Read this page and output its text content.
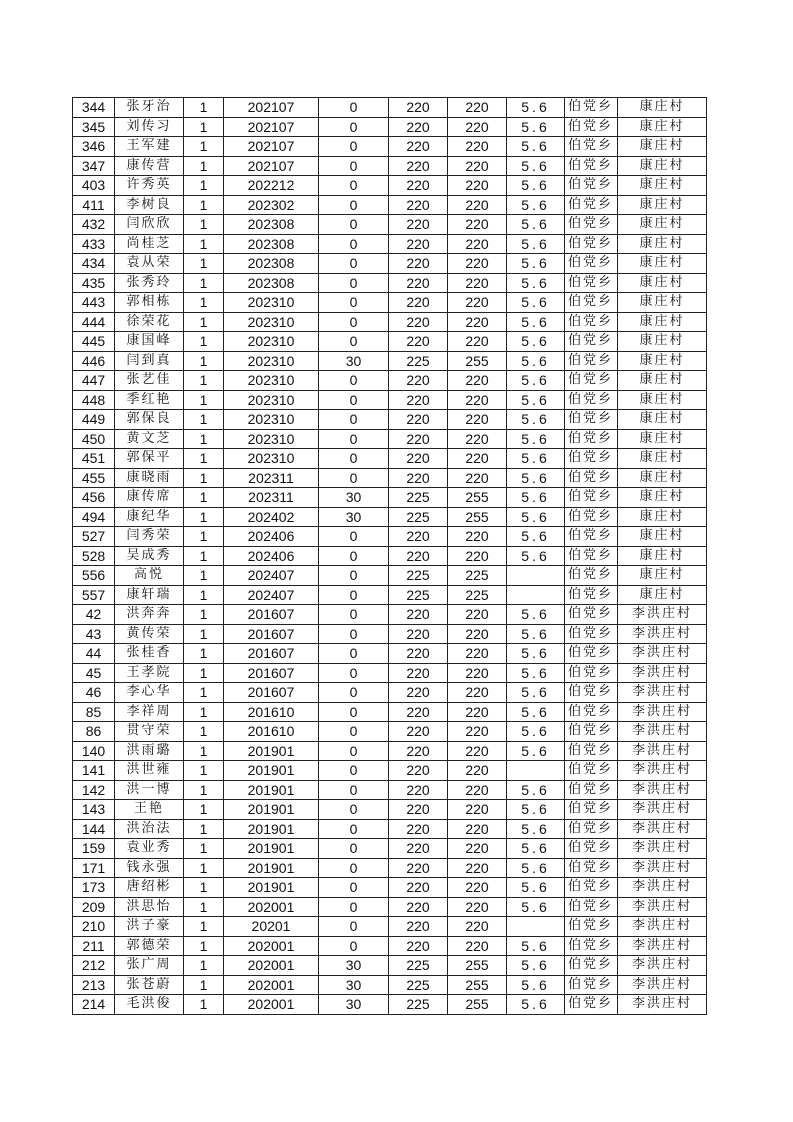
344	张牙治	1	202107	0	220	220	5.6	伯党乡	康庄村
345	刘传习	1	202107	0	220	220	5.6	伯党乡	康庄村
346	王军建	1	202107	0	220	220	5.6	伯党乡	康庄村
347	康传营	1	202107	0	220	220	5.6	伯党乡	康庄村
403	许秀英	1	202212	0	220	220	5.6	伯党乡	康庄村
411	李树良	1	202302	0	220	220	5.6	伯党乡	康庄村
432	闫欣欣	1	202308	0	220	220	5.6	伯党乡	康庄村
433	尚桂芝	1	202308	0	220	220	5.6	伯党乡	康庄村
434	袁从荣	1	202308	0	220	220	5.6	伯党乡	康庄村
435	张秀玲	1	202308	0	220	220	5.6	伯党乡	康庄村
443	郭相栋	1	202310	0	220	220	5.6	伯党乡	康庄村
444	徐荣花	1	202310	0	220	220	5.6	伯党乡	康庄村
445	康国峰	1	202310	0	220	220	5.6	伯党乡	康庄村
446	闫到真	1	202310	30	225	255	5.6	伯党乡	康庄村
447	张艺佳	1	202310	0	220	220	5.6	伯党乡	康庄村
448	季红艳	1	202310	0	220	220	5.6	伯党乡	康庄村
449	郭保良	1	202310	0	220	220	5.6	伯党乡	康庄村
450	黄文芝	1	202310	0	220	220	5.6	伯党乡	康庄村
451	郭保平	1	202310	0	220	220	5.6	伯党乡	康庄村
455	康晓雨	1	202311	0	220	220	5.6	伯党乡	康庄村
456	康传席	1	202311	30	225	255	5.6	伯党乡	康庄村
494	康纪华	1	202402	30	225	255	5.6	伯党乡	康庄村
527	闫秀荣	1	202406	0	220	220	5.6	伯党乡	康庄村
528	吴成秀	1	202406	0	220	220	5.6	伯党乡	康庄村
556	高悦	1	202407	0	225	225		伯党乡	康庄村
557	康轩瑞	1	202407	0	225	225		伯党乡	康庄村
42	洪奔奔	1	201607	0	220	220	5.6	伯党乡	李洪庄村
43	黄传荣	1	201607	0	220	220	5.6	伯党乡	李洪庄村
44	张桂香	1	201607	0	220	220	5.6	伯党乡	李洪庄村
45	王孝院	1	201607	0	220	220	5.6	伯党乡	李洪庄村
46	李心华	1	201607	0	220	220	5.6	伯党乡	李洪庄村
85	李祥周	1	201610	0	220	220	5.6	伯党乡	李洪庄村
86	贯守荣	1	201610	0	220	220	5.6	伯党乡	李洪庄村
140	洪雨璐	1	201901	0	220	220	5.6	伯党乡	李洪庄村
141	洪世雍	1	201901	0	220	220		伯党乡	李洪庄村
142	洪一博	1	201901	0	220	220	5.6	伯党乡	李洪庄村
143	王艳	1	201901	0	220	220	5.6	伯党乡	李洪庄村
144	洪治法	1	201901	0	220	220	5.6	伯党乡	李洪庄村
159	袁业秀	1	201901	0	220	220	5.6	伯党乡	李洪庄村
171	钱永强	1	201901	0	220	220	5.6	伯党乡	李洪庄村
173	唐绍彬	1	201901	0	220	220	5.6	伯党乡	李洪庄村
209	洪思怡	1	202001	0	220	220	5.6	伯党乡	李洪庄村
210	洪子豪	1	20201	0	220	220		伯党乡	李洪庄村
211	郭德荣	1	202001	0	220	220	5.6	伯党乡	李洪庄村
212	张广周	1	202001	30	225	255	5.6	伯党乡	李洪庄村
213	张苍蔚	1	202001	30	225	255	5.6	伯党乡	李洪庄村
214	毛洪俊	1	202001	30	225	255	5.6	伯党乡	李洪庄村
